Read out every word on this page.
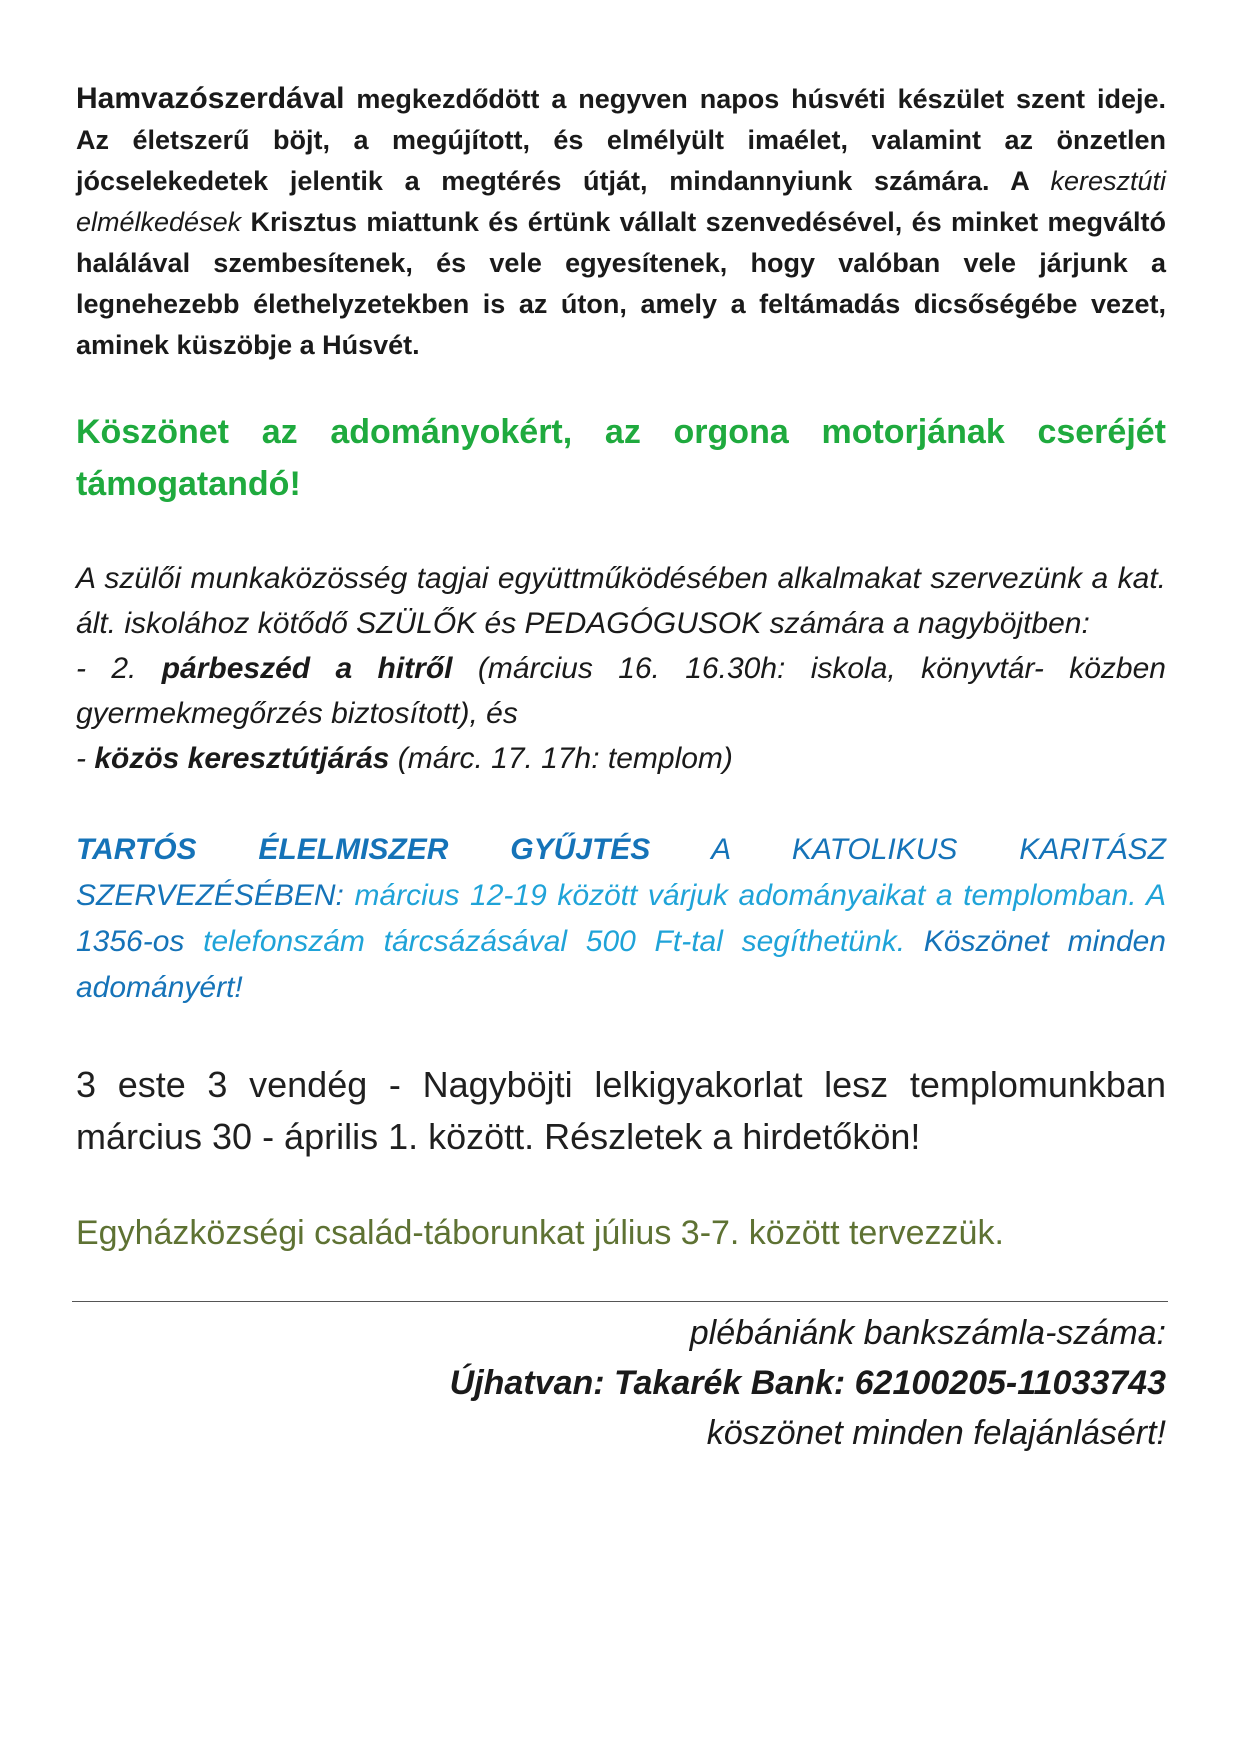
Hamvazószerdával megkezdődött a negyven napos húsvéti készület szent ideje. Az életszerű böjt, a megújított, és elmélyült imaélet, valamint az önzetlen jócselekedetek jelentik a megtérés útját, mindannyiunk számára. A keresztúti elmélkedések Krisztus miattunk és értünk vállalt szenvedésével, és minket megváltó halálával szembesítenek, és vele egyesítenek, hogy valóban vele járjunk a legnehezebb élethelyzetekben is az úton, amely a feltámadás dicsőségébe vezet, aminek küszöbje a Húsvét.

Köszönet az adományokért, az orgona motorjának cseréjét támogatandó!

A szülői munkaközösség tagjai együttműködésében alkalmakat szervezünk a kat. ált. iskolához kötődő SZÜLŐK és PEDAGÓGUSOK számára a nagyböjtben:
- 2. párbeszéd a hitről (március 16. 16.30h: iskola, könyvtár- közben gyermekmegőrzés biztosított), és
- közös keresztútjárás (márc. 17. 17h: templom)

TARTÓS ÉLELMISZER GYŰJTÉS A KATOLIKUS KARITÁSZ SZERVEZÉSÉBEN: március 12-19 között várjuk adományaikat a templomban. A 1356-os telefonszám tárcsázásával 500 Ft-tal segíthetünk. Köszönet minden adományért!

3 este 3 vendég - Nagyböjti lelkigyakorlat lesz templomunkban március 30 - április 1. között. Részletek a hirdetőkön!

Egyházközségi család-táborunkat július 3-7. között tervezzük.

plébániánk bankszámla-száma:
Újhatvan: Takarék Bank: 62100205-11033743
köszönet minden felajánlásért!
